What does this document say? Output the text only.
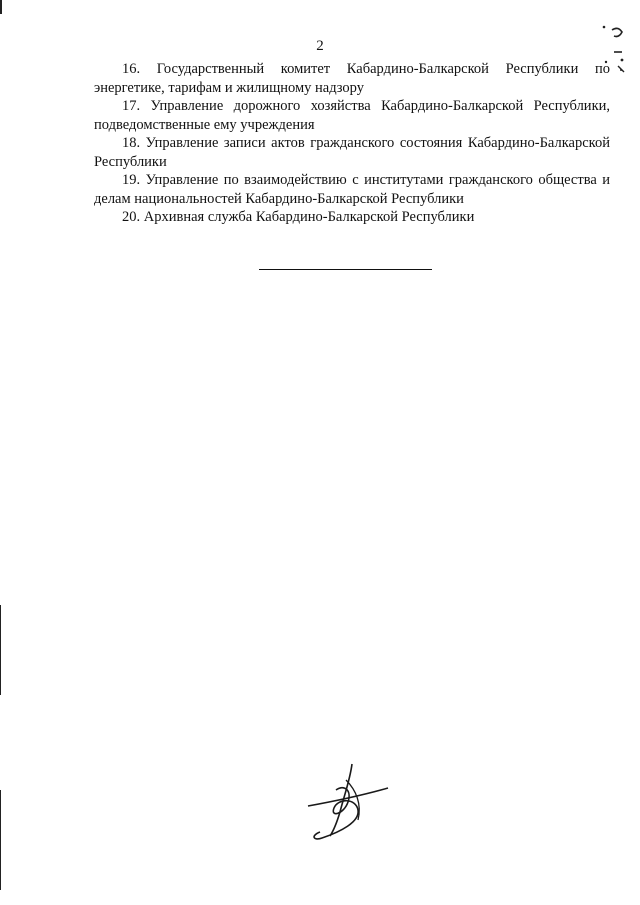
2

16. Государственный комитет Кабардино-Балкарской Республики по энергетике, тарифам и жилищному надзору

17. Управление дорожного хозяйства Кабардино-Балкарской Республики, подведомственные ему учреждения

18. Управление записи актов гражданского состояния Кабардино-Балкарской Республики

19. Управление по взаимодействию с институтами гражданского общества и делам национальностей Кабардино-Балкарской Республики

20. Архивная служба Кабардино-Балкарской Республики
